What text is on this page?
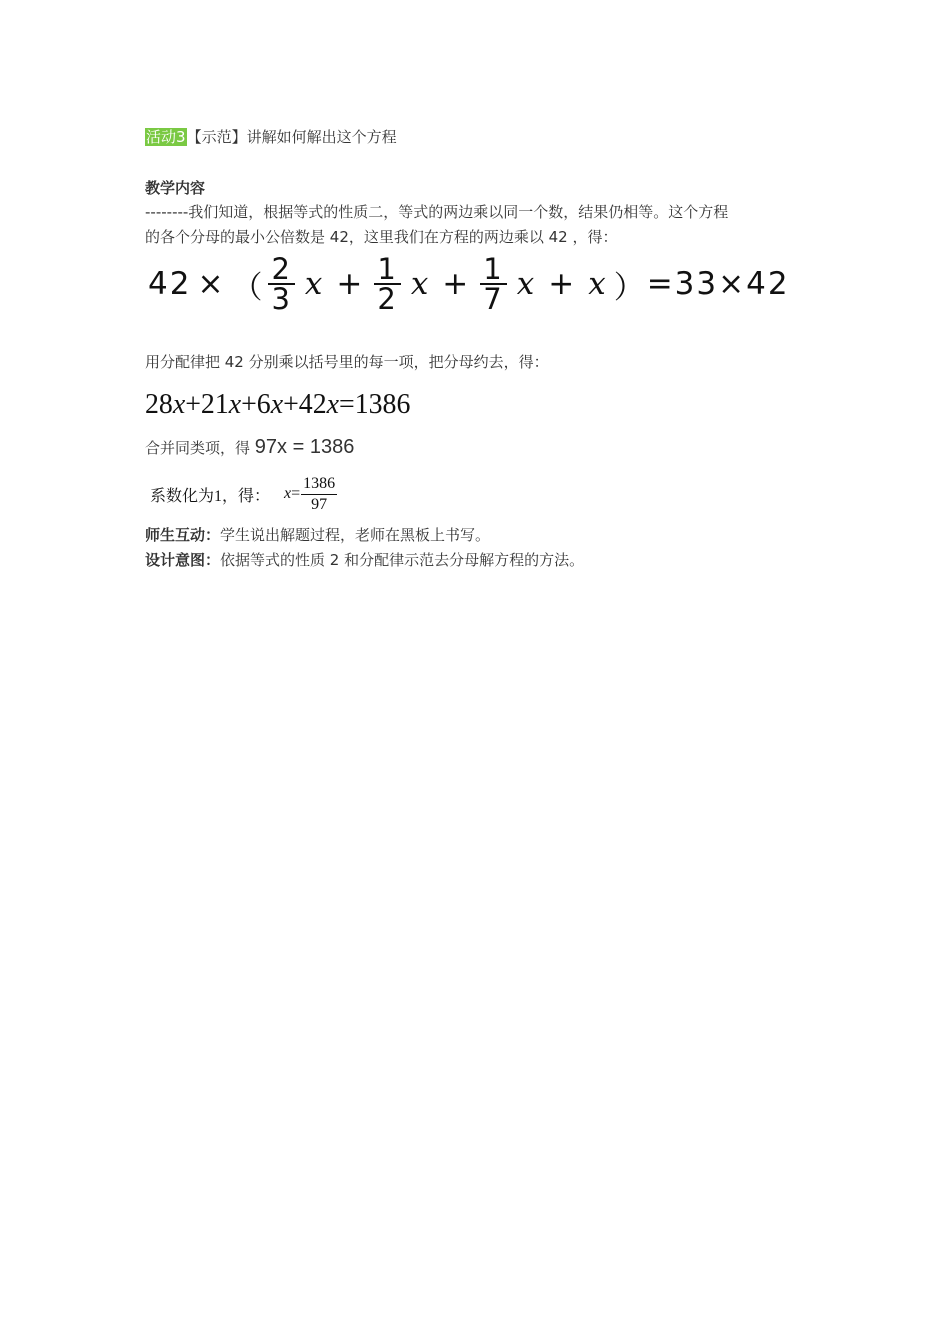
活动3【示范】讲解如何解出这个方程
教学内容
--------我们知道，根据等式的性质二，等式的两边乘以同一个数，结果仍相等。这个方程
的各个分母的最小公倍数是 42，这里我们在方程的两边乘以 42 ，得：
42 × （ $\frac{2}{3}$ $x + \frac{1}{2}$ $x + \frac{1}{7}$ x + x ） = 33×42
用分配律把 42 分别乘以括号里的每一项，把分母约去，得：
28x+21x+6x+42x=1386
合并同类项，得 97x = 1386
系数化为1，得： $x = \frac{1386}{97}$
师生互动：学生说出解题过程，老师在黑板上书写。
设计意图：依据等式的性质 2 和分配律示范去分母解方程的方法。
